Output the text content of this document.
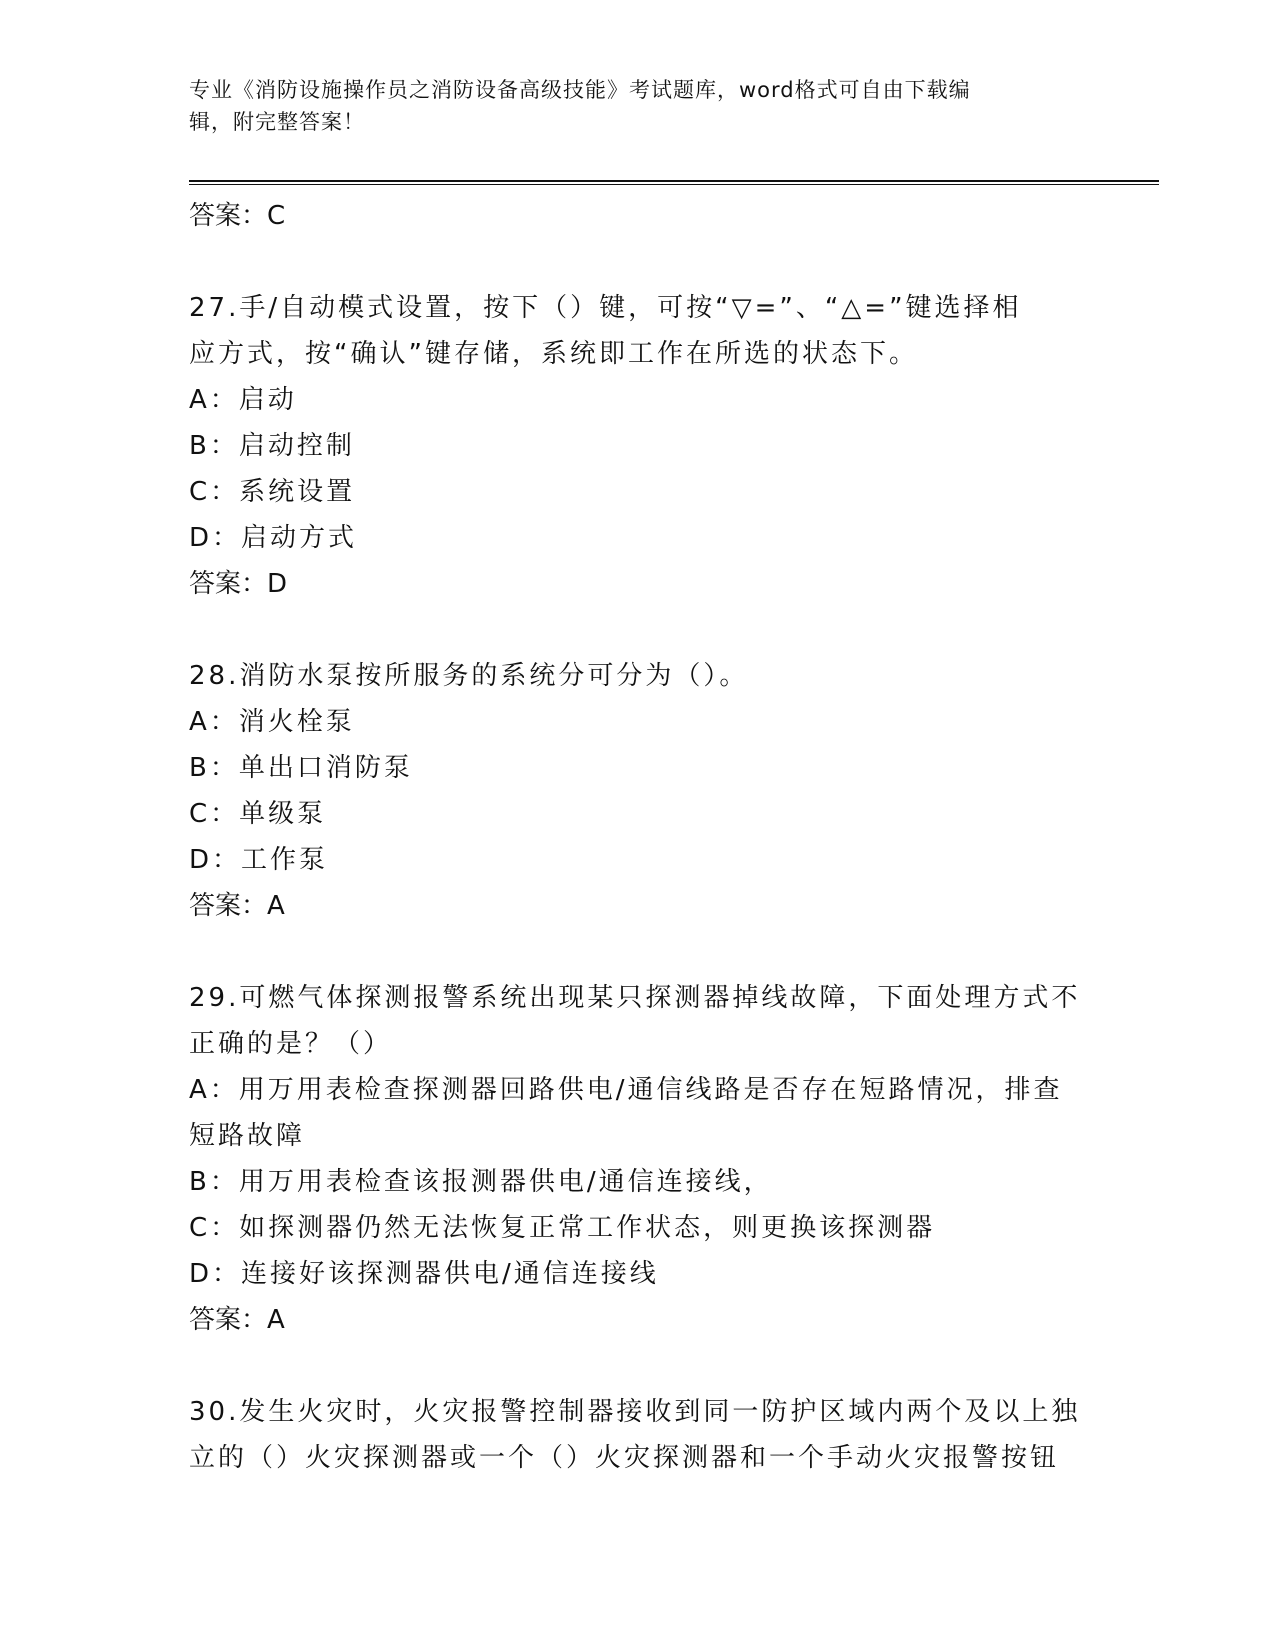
专业《消防设施操作员之消防设备高级技能》考试题库，word格式可自由下载编
辑，附完整答案！
答案：C
27.手/自动模式设置，按下（）键，可按“▽=”、“△=”键选择相
应方式，按“确认”键存储，系统即工作在所选的状态下。
A：启动
B：启动控制
C：系统设置
D：启动方式
答案：D
28.消防水泵按所服务的系统分可分为（）。
A：消火栓泵
B：单出口消防泵
C：单级泵
D：工作泵
答案：A
29.可燃气体探测报警系统出现某只探测器掉线故障，下面处理方式不
正确的是？（）
A：用万用表检查探测器回路供电/通信线路是否存在短路情况，排查
短路故障
B：用万用表检查该报测器供电/通信连接线，
C：如探测器仍然无法恢复正常工作状态，则更换该探测器
D：连接好该探测器供电/通信连接线
答案：A
30.发生火灾时，火灾报警控制器接收到同一防护区域内两个及以上独
立的（）火灾探测器或一个（）火灾探测器和一个手动火灾报警按钮
